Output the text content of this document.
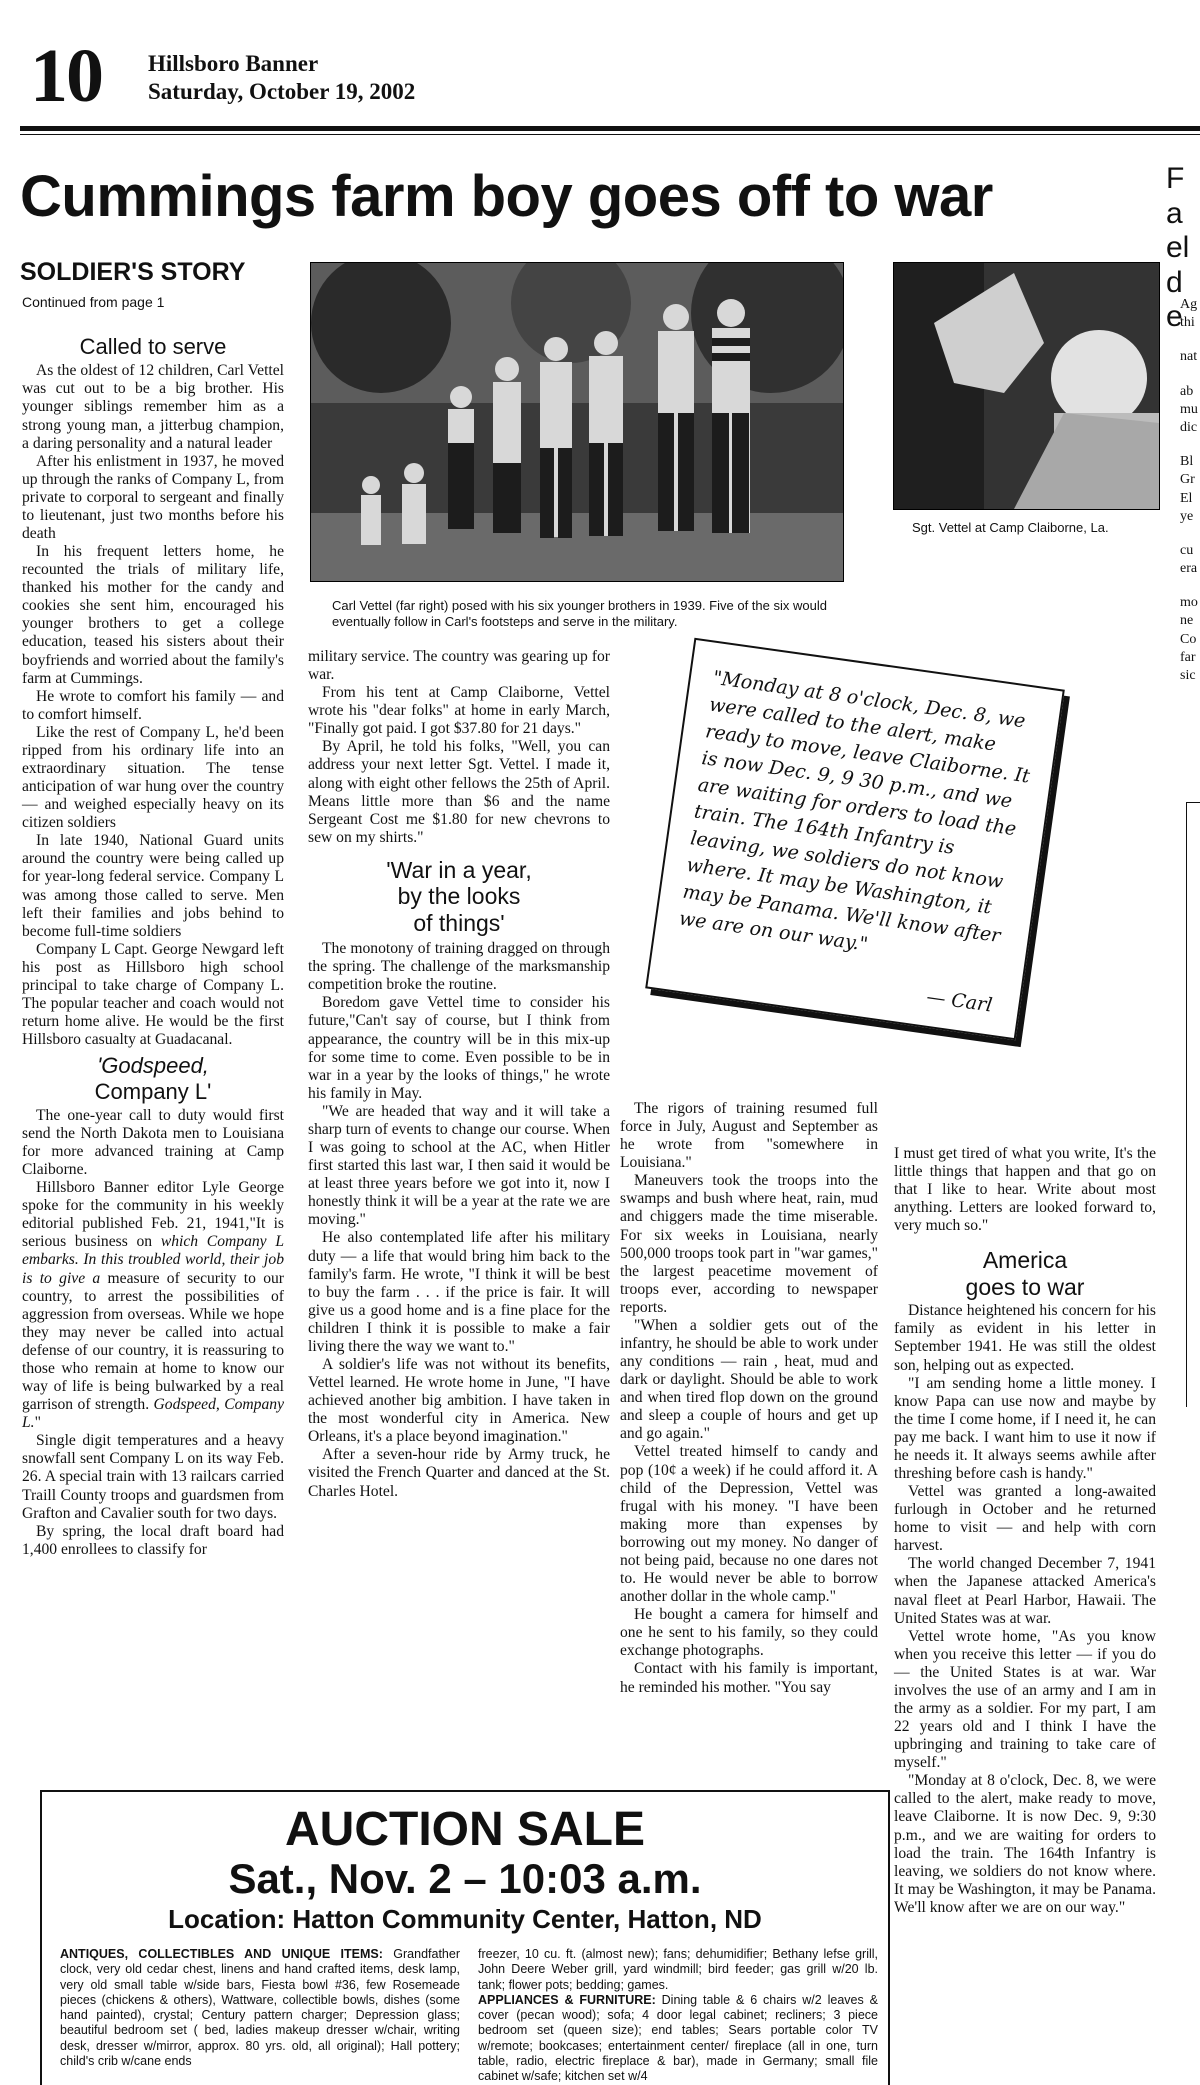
10 Hillsboro Banner
Saturday, October 19, 2002
Cummings farm boy goes off to war
SOLDIER'S STORY
Continued from page 1
Carl Vettel (far right) posed with his six younger brothers in 1939. Five of the six would eventually follow in Carl's footsteps and serve in the military.
Sgt. Vettel at Camp Claiborne, La.
Called to serve

As the oldest of 12 children, Carl Vettel was cut out to be a big brother. His younger siblings remember him as a strong young man, a jitterbug champion, a daring personality and a natural leader

After his enlistment in 1937, he moved up through the ranks of Company L, from private to corporal to sergeant and finally to lieutenant, just two months before his death

In his frequent letters home, he recounted the trials of military life, thanked his mother for the candy and cookies she sent him, encouraged his younger brothers to get a college education, teased his sisters about their boyfriends and worried about the family's farm at Cummings.

He wrote to comfort his family — and to comfort himself.

Like the rest of Company L, he'd been ripped from his ordinary life into an extraordinary situation. The tense anticipation of war hung over the country — and weighed especially heavy on its citizen soldiers

In late 1940, National Guard units around the country were being called up for year-long federal service. Company L was among those called to serve. Men left their families and jobs behind to become full-time soldiers

Company L Capt. George Newgard left his post as Hillsboro high school principal to take charge of Company L. The popular teacher and coach would not return home alive. He would be the first Hillsboro casualty at Guadacanal.

'Godspeed,
Company L'

The one-year call to duty would first send the North Dakota men to Louisiana for more advanced training at Camp Claiborne.

Hillsboro Banner editor Lyle George spoke for the community in his weekly editorial published Feb. 21, 1941,"It is serious business on which Company L embarks. In this troubled world, their job is to give a measure of security to our country, to arrest the possibilities of aggression from overseas. While we hope they may never be called into actual defense of our country, it is reassuring to those who remain at home to know our way of life is being bulwarked by a real garrison of strength. Godspeed, Company L."

Single digit temperatures and a heavy snowfall sent Company L on its way Feb. 26. A special train with 13 railcars carried Traill County troops and guardsmen from Grafton and Cavalier south for two days.

By spring, the local draft board had 1,400 enrollees to classify for

military service. The country was gearing up for war.

From his tent at Camp Claiborne, Vettel wrote his "dear folks" at home in early March, "Finally got paid. I got $37.80 for 21 days."

By April, he told his folks, "Well, you can address your next letter Sgt. Vettel. I made it, along with eight other fellows the 25th of April. Means little more than $6 and the name Sergeant Cost me $1.80 for new chevrons to sew on my shirts."

'War in a year,
by the looks
of things'

The monotony of training dragged on through the spring. The challenge of the marksmanship competition broke the routine.

Boredom gave Vettel time to consider his future,"Can't say of course, but I think from appearance, the country will be in this mix-up for some time to come. Even possible to be in war in a year by the looks of things," he wrote his family in May.

"We are headed that way and it will take a sharp turn of events to change our course. When I was going to school at the AC, when Hitler first started this last war, I then said it would be at least three years before we got into it, now I honestly think it will be a year at the rate we are moving."

He also contemplated life after his military duty — a life that would bring him back to the family's farm. He wrote, "I think it will be best to buy the farm . . . if the price is fair. It will give us a good home and is a fine place for the children I think it is possible to make a fair living there the way we want to."

A soldier's life was not without its benefits, Vettel learned. He wrote home in June, "I have achieved another big ambition. I have taken in the most wonderful city in America. New Orleans, it's a place beyond imagination."

After a seven-hour ride by Army truck, he visited the French Quarter and danced at the St. Charles Hotel.

"Monday at 8 o'clock, Dec. 8, we were called to the alert, make ready to move, leave Claiborne. It is now Dec. 9, 9 30 p.m., and we are waiting for orders to load the train. The 164th Infantry is leaving, we soldiers do not know where. It may be Washington, it may be Panama. We'll know after we are on our way."
— Carl

The rigors of training resumed full force in July, August and September as he wrote from "somewhere in Louisiana."

Maneuvers took the troops into the swamps and bush where heat, rain, mud and chiggers made the time miserable. For six weeks in Louisiana, nearly 500,000 troops took part in "war games," the largest peacetime movement of troops ever, according to newspaper reports.

"When a soldier gets out of the infantry, he should be able to work under any conditions — rain , heat, mud and dark or daylight. Should be able to work and when tired flop down on the ground and sleep a couple of hours and get up and go again."

Vettel treated himself to candy and pop (10¢ a week) if he could afford it. A child of the Depression, Vettel was frugal with his money. "I have been making more than expenses by borrowing out my money. No danger of not being paid, because no one dares not to. He would never be able to borrow another dollar in the whole camp."

He bought a camera for himself and one he sent to his family, so they could exchange photographs.

Contact with his family is important, he reminded his mother. "You say

I must get tired of what you write, It's the little things that happen and that go on that I like to hear. Write about most anything. Letters are looked forward to, very much so."

America
goes to war

Distance heightened his concern for his family as evident in his letter in September 1941. He was still the oldest son, helping out as expected.

"I am sending home a little money. I know Papa can use now and maybe by the time I come home, if I need it, he can pay me back. I want him to use it now if he needs it. It always seems awhile after threshing before cash is handy."

Vettel was granted a long-awaited furlough in October and he returned home to visit — and help with corn harvest.

The world changed December 7, 1941 when the Japanese attacked America's naval fleet at Pearl Harbor, Hawaii. The United States was at war.

Vettel wrote home, "As you know when you receive this letter — if you do — the United States is at war. War involves the use of an army and I am in the army as a soldier. For my part, I am 22 years old and I think I have the upbringing and training to take care of myself."

"Monday at 8 o'clock, Dec. 8, we were called to the alert, make ready to move, leave Claiborne. It is now Dec. 9, 9:30 p.m., and we are waiting for orders to load the train. The 164th Infantry is leaving, we soldiers do not know where. It may be Washington, it may be Panama. We'll know after we are on our way."

Fa el de
Ag
thi
nat
ab
mu
dic
Bl
Gr
El
ye
cu
era
mo
ne
Co
far
sic
AUCTION SALE
Sat., Nov. 2 – 10:03 a.m.
Location: Hatton Community Center, Hatton, ND
ANTIQUES, COLLECTIBLES AND UNIQUE ITEMS: Grandfather clock, very old cedar chest, linens and hand crafted items, desk lamp, very old small table w/side bars, Fiesta bowl #36, few Rosemeade pieces (chickens & others), Wattware, collectible bowls, dishes (some hand painted), crystal; Century pattern charger; Depression glass; beautiful bedroom set ( bed, ladies makeup dresser w/chair, writing desk, dresser w/mirror, approx. 80 yrs. old, all original); Hall pottery; child's crib w/cane ends
freezer, 10 cu. ft. (almost new); fans; dehumidifier; Bethany lefse grill, John Deere Weber grill, yard windmill; bird feeder; gas grill w/20 lb. tank; flower pots; bedding; games.
APPLIANCES & FURNITURE: Dining table & 6 chairs w/2 leaves & cover (pecan wood); sofa; 4 door legal cabinet; recliners; 3 piece bedroom set (queen size); end tables; Sears portable color TV w/remote; bookcases; entertainment center/ fireplace (all in one, turn table, radio, electric fireplace & bar), made in Germany; small file cabinet w/safe; kitchen set w/4
